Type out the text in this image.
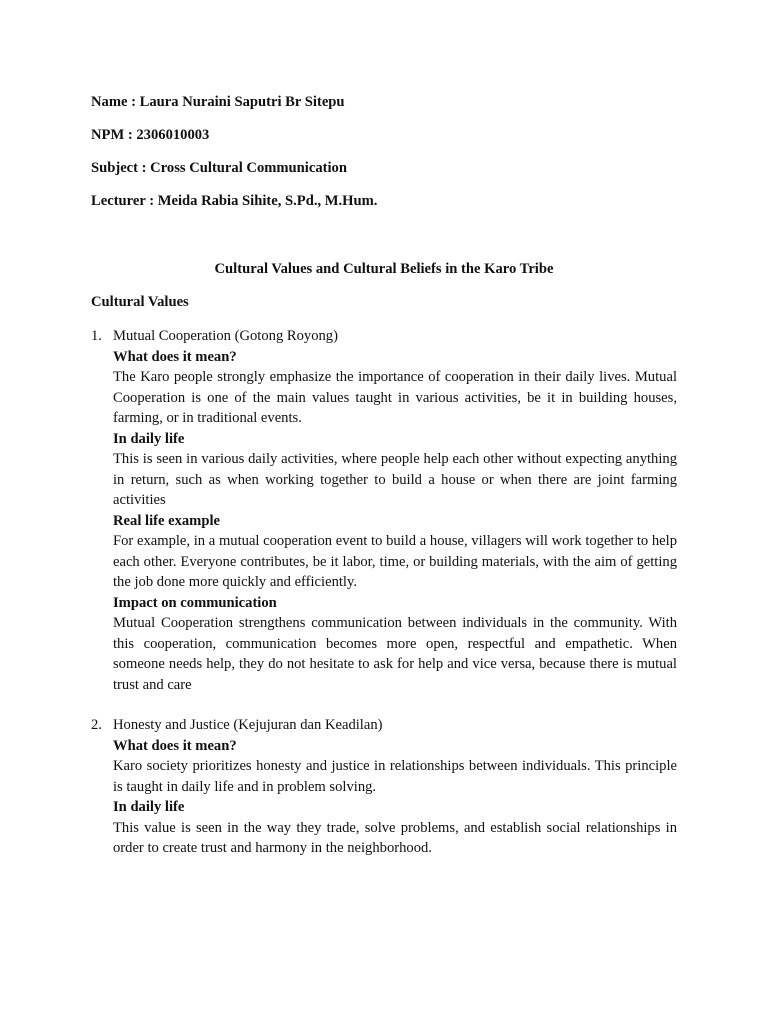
Name : Laura Nuraini Saputri Br Sitepu
NPM : 2306010003
Subject : Cross Cultural Communication
Lecturer : Meida Rabia Sihite, S.Pd., M.Hum.
Cultural Values and Cultural Beliefs in the Karo Tribe
Cultural Values
1. Mutual Cooperation (Gotong Royong)
What does it mean?
The Karo people strongly emphasize the importance of cooperation in their daily lives. Mutual Cooperation is one of the main values taught in various activities, be it in building houses, farming, or in traditional events.
In daily life
This is seen in various daily activities, where people help each other without expecting anything in return, such as when working together to build a house or when there are joint farming activities
Real life example
For example, in a mutual cooperation event to build a house, villagers will work together to help each other. Everyone contributes, be it labor, time, or building materials, with the aim of getting the job done more quickly and efficiently.
Impact on communication
Mutual Cooperation strengthens communication between individuals in the community. With this cooperation, communication becomes more open, respectful and empathetic. When someone needs help, they do not hesitate to ask for help and vice versa, because there is mutual trust and care
2. Honesty and Justice (Kejujuran dan Keadilan)
What does it mean?
Karo society prioritizes honesty and justice in relationships between individuals. This principle is taught in daily life and in problem solving.
In daily life
This value is seen in the way they trade, solve problems, and establish social relationships in order to create trust and harmony in the neighborhood.
